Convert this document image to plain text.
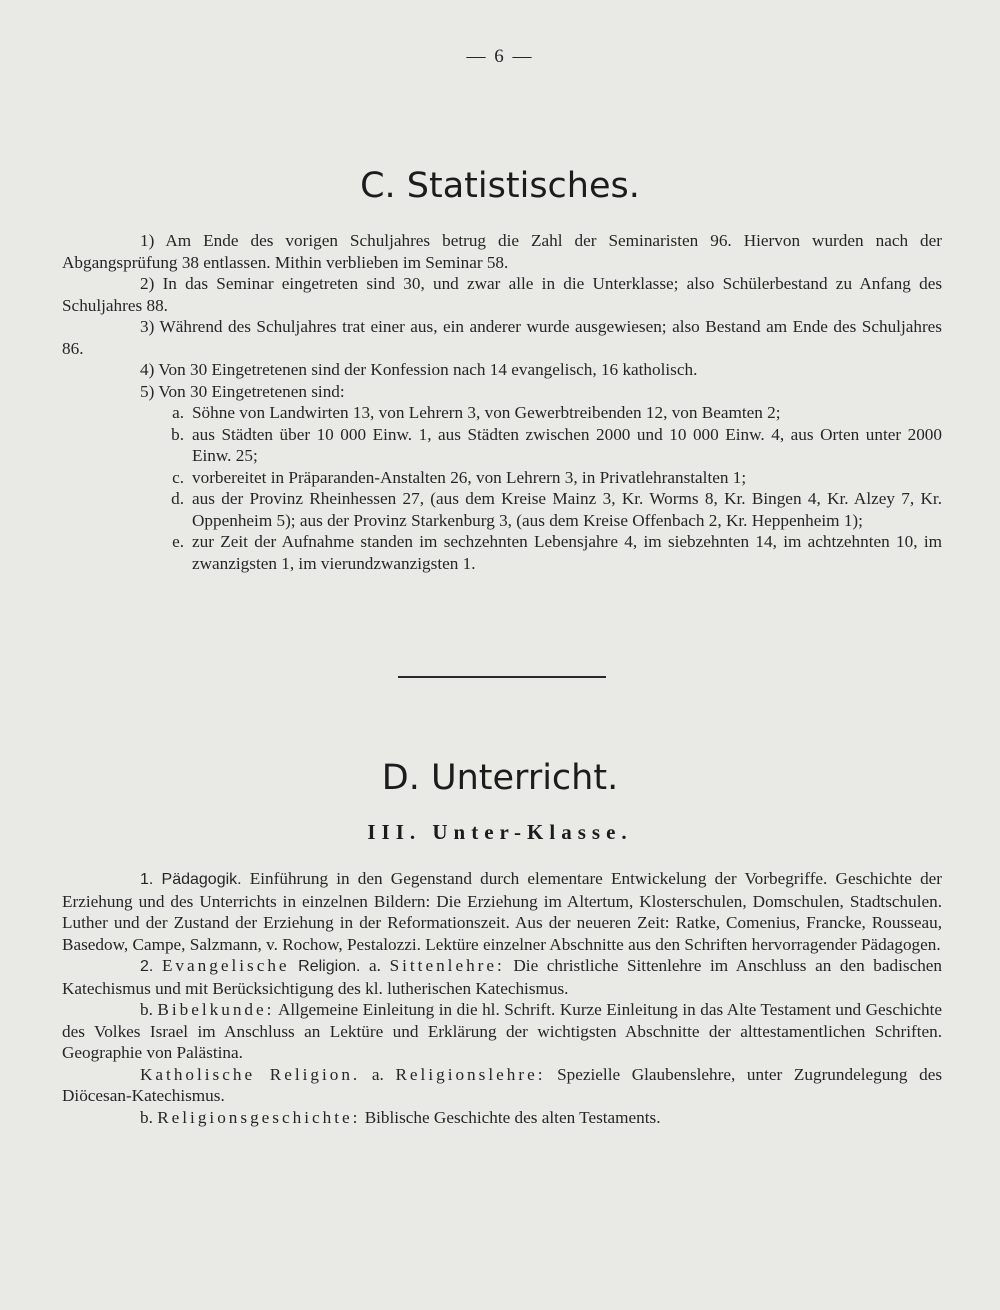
— 6 —
C. Statistisches.

1) Am Ende des vorigen Schuljahres betrug die Zahl der Seminaristen 96. Hiervon wurden nach der Abgangsprüfung 38 entlassen. Mithin verblieben im Seminar 58.

2) In das Seminar eingetreten sind 30, und zwar alle in die Unterklasse; also Schülerbestand zu Anfang des Schuljahres 88.

3) Während des Schuljahres trat einer aus, ein anderer wurde ausgewiesen; also Bestand am Ende des Schuljahres 86.

4) Von 30 Eingetretenen sind der Konfession nach 14 evangelisch, 16 katholisch.

5) Von 30 Eingetretenen sind:

a. Söhne von Landwirten 13, von Lehrern 3, von Gewerbtreibenden 12, von Beamten 2;
b. aus Städten über 10 000 Einw. 1, aus Städten zwischen 2000 und 10 000 Einw. 4, aus Orten unter 2000 Einw. 25;
c. vorbereitet in Präparanden-Anstalten 26, von Lehrern 3, in Privatlehranstalten 1;
d. aus der Provinz Rheinhessen 27, (aus dem Kreise Mainz 3, Kr. Worms 8, Kr. Bingen 4, Kr. Alzey 7, Kr. Oppenheim 5); aus der Provinz Starkenburg 3, (aus dem Kreise Offenbach 2, Kr. Heppenheim 1);
e. zur Zeit der Aufnahme standen im sechzehnten Lebensjahre 4, im siebzehnten 14, im achtzehnten 10, im zwanzigsten 1, im vierundzwanzigsten 1.
D. Unterricht.
III. Unter-Klasse.

1. Pädagogik. Einführung in den Gegenstand durch elementare Entwickelung der Vorbegriffe. Geschichte der Erziehung und des Unterrichts in einzelnen Bildern: Die Erziehung im Altertum, Klosterschulen, Domschulen, Stadtschulen. Luther und der Zustand der Erziehung in der Reformationszeit. Aus der neueren Zeit: Ratke, Comenius, Francke, Rousseau, Basedow, Campe, Salzmann, v. Rochow, Pestalozzi. Lektüre einzelner Abschnitte aus den Schriften hervorragender Pädagogen.

2. Evangelische Religion. a. Sittenlehre: Die christliche Sittenlehre im Anschluss an den badischen Katechismus und mit Berücksichtigung des kl. lutherischen Katechismus.

b. Bibelkunde: Allgemeine Einleitung in die hl. Schrift. Kurze Einleitung in das Alte Testament und Geschichte des Volkes Israel im Anschluss an Lektüre und Erklärung der wichtigsten Abschnitte der alttestamentlichen Schriften. Geographie von Palästina.

Katholische Religion. a. Religionslehre: Spezielle Glaubenslehre, unter Zugrundelegung des Diöcesan-Katechismus.

b. Religionsgeschichte: Biblische Geschichte des alten Testaments.
